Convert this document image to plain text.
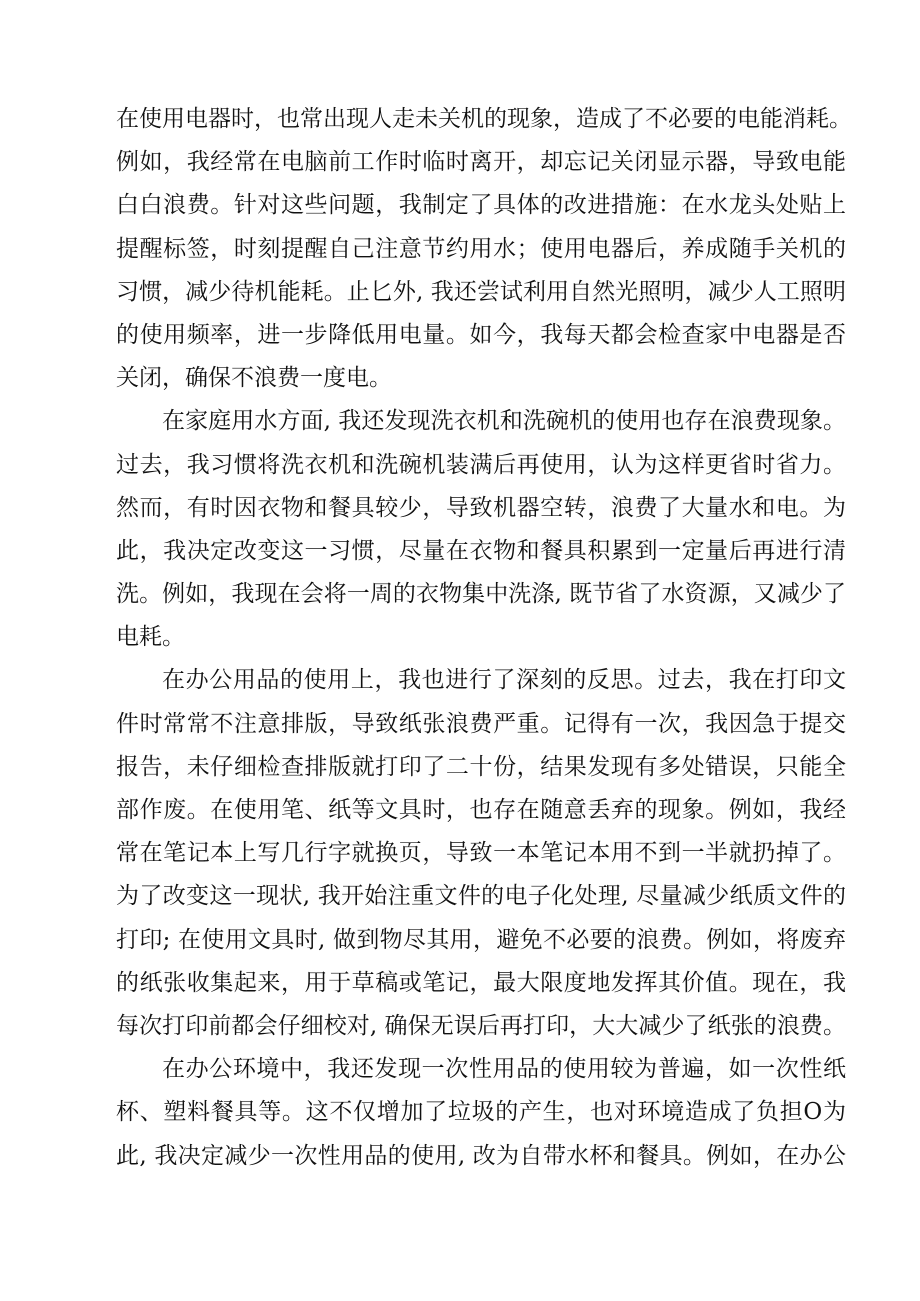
在使用电器时，也常出现人走未关机的现象，造成了不必要的电能消耗。
例如，我经常在电脑前工作时临时离开，却忘记关闭显示器，导致电能
白白浪费。针对这些问题，我制定了具体的改进措施：在水龙头处贴上
提醒标签，时刻提醒自己注意节约用水；使用电器后，养成随手关机的
习惯，减少待机能耗。止匕外, 我还尝试利用自然光照明，减少人工照明
的使用频率，进一步降低用电量。如今，我每天都会检查家中电器是否
关闭，确保不浪费一度电。
在家庭用水方面, 我还发现洗衣机和洗碗机的使用也存在浪费现象。
过去，我习惯将洗衣机和洗碗机装满后再使用，认为这样更省时省力。
然而，有时因衣物和餐具较少，导致机器空转，浪费了大量水和电。为
此，我决定改变这一习惯，尽量在衣物和餐具积累到一定量后再进行清
洗。例如，我现在会将一周的衣物集中洗涤, 既节省了水资源，又减少了
电耗。
在办公用品的使用上，我也进行了深刻的反思。过去，我在打印文
件时常常不注意排版，导致纸张浪费严重。记得有一次，我因急于提交
报告，未仔细检查排版就打印了二十份，结果发现有多处错误，只能全
部作废。在使用笔、纸等文具时，也存在随意丢弃的现象。例如，我经
常在笔记本上写几行字就换页，导致一本笔记本用不到一半就扔掉了。
为了改变这一现状, 我开始注重文件的电子化处理, 尽量减少纸质文件的
打印; 在使用文具时, 做到物尽其用，避免不必要的浪费。例如，将废弃
的纸张收集起来，用于草稿或笔记，最大限度地发挥其价值。现在，我
每次打印前都会仔细校对, 确保无误后再打印，大大减少了纸张的浪费。
在办公环境中，我还发现一次性用品的使用较为普遍，如一次性纸
杯、塑料餐具等。这不仅增加了垃圾的产生，也对环境造成了负担O为
此, 我决定减少一次性用品的使用, 改为自带水杯和餐具。例如，在办公
